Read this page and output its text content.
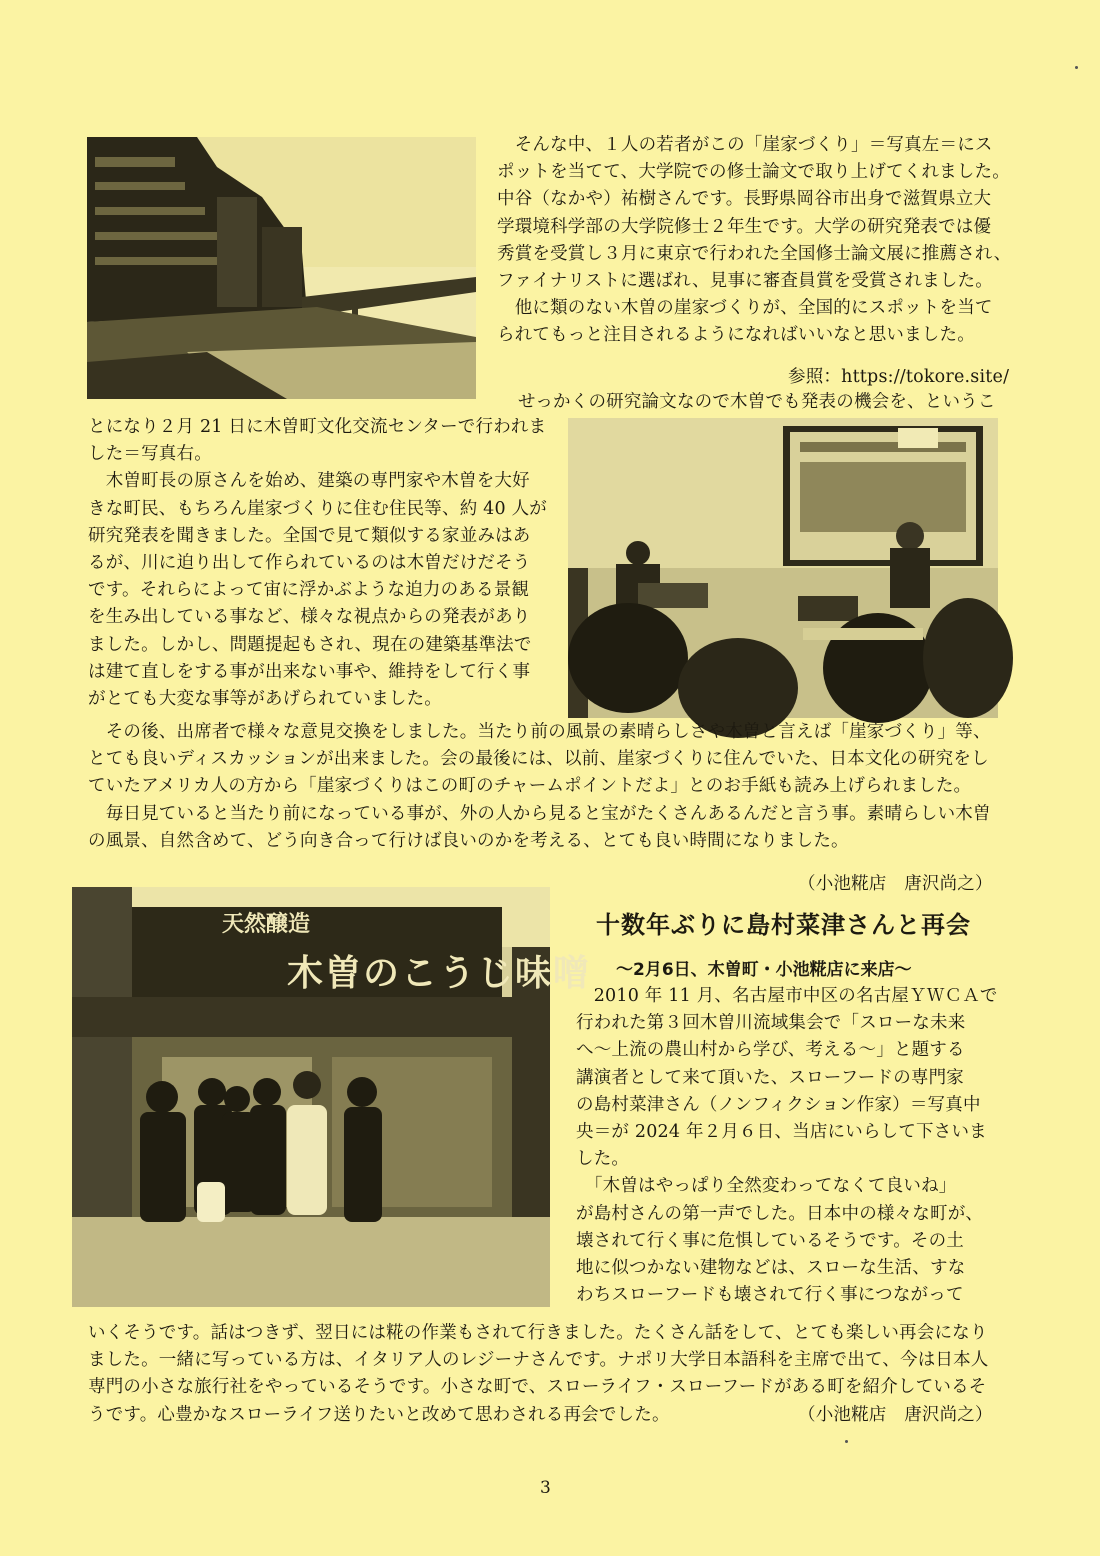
　そんな中、１人の若者がこの「崖家づくり」＝写真左＝にス
ポットを当てて、大学院での修士論文で取り上げてくれました。
中谷（なかや）祐樹さんです。長野県岡谷市出身で滋賀県立大
学環境科学部の大学院修士２年生です。大学の研究発表では優
秀賞を受賞し３月に東京で行われた全国修士論文展に推薦され、
ファイナリストに選ばれ、見事に審査員賞を受賞されました。
　他に類のない木曽の崖家づくりが、全国的にスポットを当て
られてもっと注目されるようになればいいなと思いました。
参照：https://tokore.site/
せっかくの研究論文なので木曽でも発表の機会を、というこ
とになり２月 21 日に木曽町文化交流センターで行われま
した＝写真右。
　木曽町長の原さんを始め、建築の専門家や木曽を大好
きな町民、もちろん崖家づくりに住む住民等、約 40 人が
研究発表を聞きました。全国で見て類似する家並みはあ
るが、川に迫り出して作られているのは木曽だけだそう
です。それらによって宙に浮かぶような迫力のある景観
を生み出している事など、様々な視点からの発表があり
ました。しかし、問題提起もされ、現在の建築基準法で
は建て直しをする事が出来ない事や、維持をして行く事
がとても大変な事等があげられていました。
　その後、出席者で様々な意見交換をしました。当たり前の風景の素晴らしさや木曽と言えば「崖家づくり」等、
とても良いディスカッションが出来ました。会の最後には、以前、崖家づくりに住んでいた、日本文化の研究をし
ていたアメリカ人の方から「崖家づくりはこの町のチャームポイントだよ」とのお手紙も読み上げられました。
　毎日見ていると当たり前になっている事が、外の人から見ると宝がたくさんあるんだと言う事。素晴らしい木曽
の風景、自然含めて、どう向き合って行けば良いのかを考える、とても良い時間になりました。
（小池糀店　唐沢尚之）
天然醸造
木曽のこうじ味噌
十数年ぶりに島村菜津さんと再会
～2月6日、木曽町・小池糀店に来店～
　2010 年 11 月、名古屋市中区の名古屋ＹＷＣＡで
行われた第３回木曽川流域集会で「スローな未来
へ～上流の農山村から学び、考える～」と題する
講演者として来て頂いた、スローフードの専門家
の島村菜津さん（ノンフィクション作家）＝写真中
央＝が 2024 年２月６日、当店にいらして下さいま
した。
　「木曽はやっぱり全然変わってなくて良いね」
が島村さんの第一声でした。日本中の様々な町が、
壊されて行く事に危惧しているそうです。その土
地に似つかない建物などは、スローな生活、すな
わちスローフードも壊されて行く事につながって
いくそうです。話はつきず、翌日には糀の作業もされて行きました。たくさん話をして、とても楽しい再会になり
ました。一緒に写っている方は、イタリア人のレジーナさんです。ナポリ大学日本語科を主席で出て、今は日本人
専門の小さな旅行社をやっているそうです。小さな町で、スローライフ・スローフードがある町を紹介しているそ
うです。心豊かなスローライフ送りたいと改めて思わされる再会でした。	（小池糀店　唐沢尚之）
3
